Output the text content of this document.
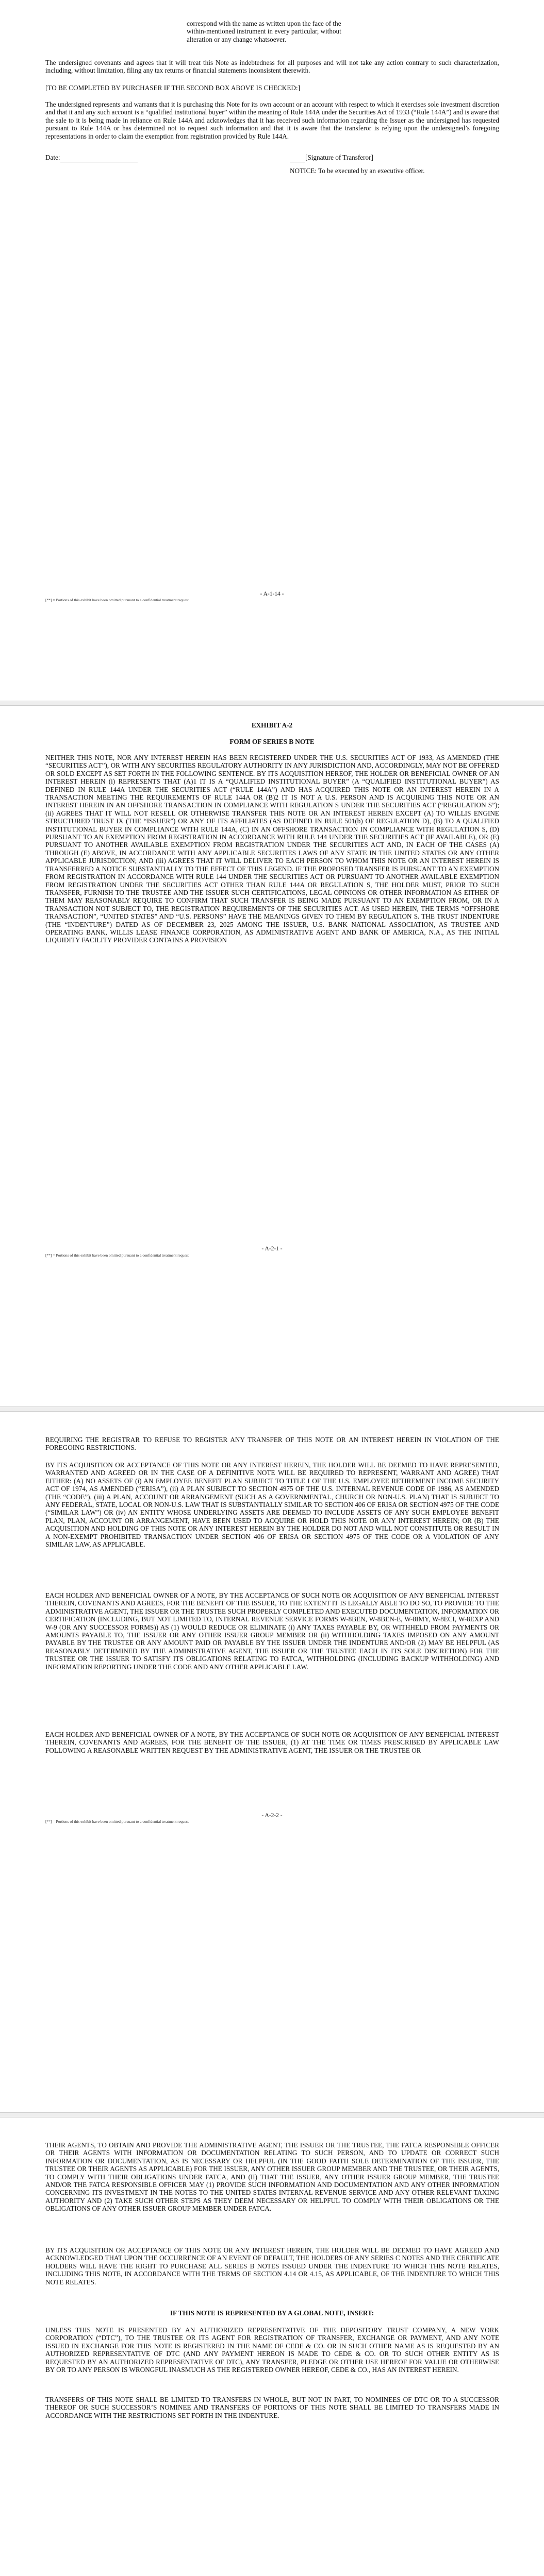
correspond with the name as written upon the face of the within-mentioned instrument in every particular, without alteration or any change whatsoever.

The undersigned covenants and agrees that it will treat this Note as indebtedness for all purposes and will not take any action contrary to such characterization, including, without limitation, filing any tax returns or financial statements inconsistent therewith.

[TO BE COMPLETED BY PURCHASER IF THE SECOND BOX ABOVE IS CHECKED:]

The undersigned represents and warrants that it is purchasing this Note for its own account or an account with respect to which it exercises sole investment discretion and that it and any such account is a “qualified institutional buyer” within the meaning of Rule 144A under the Securities Act of 1933 (“Rule 144A”) and is aware that the sale to it is being made in reliance on Rule 144A and acknowledges that it has received such information regarding the Issuer as the undersigned has requested pursuant to Rule 144A or has determined not to request such information and that it is aware that the transferor is relying upon the undersigned’s foregoing representations in order to claim the exemption from registration provided by Rule 144A.

Date:	[Signature of Transferor]

NOTICE: To be executed by an executive officer.

- A-1-14 -

[**] = Portions of this exhibit have been omitted pursuant to a confidential treatment request

EXHIBIT A-2

FORM OF SERIES B NOTE

NEITHER THIS NOTE, NOR ANY INTEREST HEREIN HAS BEEN REGISTERED UNDER THE U.S. SECURITIES ACT OF 1933, AS AMENDED (THE “SECURITIES ACT”), OR WITH ANY SECURITIES REGULATORY AUTHORITY IN ANY JURISDICTION AND, ACCORDINGLY, MAY NOT BE OFFERED OR SOLD EXCEPT AS SET FORTH IN THE FOLLOWING SENTENCE. BY ITS ACQUISITION HEREOF, THE HOLDER OR BENEFICIAL OWNER OF AN INTEREST HEREIN (i) REPRESENTS THAT (A)1 IT IS A “QUALIFIED INSTITUTIONAL BUYER” (A “QUALIFIED INSTITUTIONAL BUYER”) AS DEFINED IN RULE 144A UNDER THE SECURITIES ACT (“RULE 144A”) AND HAS ACQUIRED THIS NOTE OR AN INTEREST HEREIN IN A TRANSACTION MEETING THE REQUIREMENTS OF RULE 144A OR (B)2 IT IS NOT A U.S. PERSON AND IS ACQUIRING THIS NOTE OR AN INTEREST HEREIN IN AN OFFSHORE TRANSACTION IN COMPLIANCE WITH REGULATION S UNDER THE SECURITIES ACT (“REGULATION S”); (ii) AGREES THAT IT WILL NOT RESELL OR OTHERWISE TRANSFER THIS NOTE OR AN INTEREST HEREIN EXCEPT (A) TO WILLIS ENGINE STRUCTURED TRUST IX (THE “ISSUER”) OR ANY OF ITS AFFILIATES (AS DEFINED IN RULE 501(b) OF REGULATION D), (B) TO A QUALIFIED INSTITUTIONAL BUYER IN COMPLIANCE WITH RULE 144A, (C) IN AN OFFSHORE TRANSACTION IN COMPLIANCE WITH REGULATION S, (D) PURSUANT TO AN EXEMPTION FROM REGISTRATION IN ACCORDANCE WITH RULE 144 UNDER THE SECURITIES ACT (IF AVAILABLE), OR (E) PURSUANT TO ANOTHER AVAILABLE EXEMPTION FROM REGISTRATION UNDER THE SECURITIES ACT AND, IN EACH OF THE CASES (A) THROUGH (E) ABOVE, IN ACCORDANCE WITH ANY APPLICABLE SECURITIES LAWS OF ANY STATE IN THE UNITED STATES OR ANY OTHER APPLICABLE JURISDICTION; AND (iii) AGREES THAT IT WILL DELIVER TO EACH PERSON TO WHOM THIS NOTE OR AN INTEREST HEREIN IS TRANSFERRED A NOTICE SUBSTANTIALLY TO THE EFFECT OF THIS LEGEND. IF THE PROPOSED TRANSFER IS PURSUANT TO AN EXEMPTION FROM REGISTRATION IN ACCORDANCE WITH RULE 144 UNDER THE SECURITIES ACT OR PURSUANT TO ANOTHER AVAILABLE EXEMPTION FROM REGISTRATION UNDER THE SECURITIES ACT OTHER THAN RULE 144A OR REGULATION S, THE HOLDER MUST, PRIOR TO SUCH TRANSFER, FURNISH TO THE TRUSTEE AND THE ISSUER SUCH CERTIFICATIONS, LEGAL OPINIONS OR OTHER INFORMATION AS EITHER OF THEM MAY REASONABLY REQUIRE TO CONFIRM THAT SUCH TRANSFER IS BEING MADE PURSUANT TO AN EXEMPTION FROM, OR IN A TRANSACTION NOT SUBJECT TO, THE REGISTRATION REQUIREMENTS OF THE SECURITIES ACT. AS USED HEREIN, THE TERMS “OFFSHORE TRANSACTION”, “UNITED STATES” AND “U.S. PERSONS” HAVE THE MEANINGS GIVEN TO THEM BY REGULATION S. THE TRUST INDENTURE (THE “INDENTURE”) DATED AS OF DECEMBER 23, 2025 AMONG THE ISSUER, U.S. BANK NATIONAL ASSOCIATION, AS TRUSTEE AND OPERATING BANK, WILLIS LEASE FINANCE CORPORATION, AS ADMINISTRATIVE AGENT AND BANK OF AMERICA, N.A., AS THE INITIAL LIQUIDITY FACILITY PROVIDER CONTAINS A PROVISION

- A-2-1 -

[**] = Portions of this exhibit have been omitted pursuant to a confidential treatment request

REQUIRING THE REGISTRAR TO REFUSE TO REGISTER ANY TRANSFER OF THIS NOTE OR AN INTEREST HEREIN IN VIOLATION OF THE FOREGOING RESTRICTIONS.

BY ITS ACQUISITION OR ACCEPTANCE OF THIS NOTE OR ANY INTEREST HEREIN, THE HOLDER WILL BE DEEMED TO HAVE REPRESENTED, WARRANTED AND AGREED OR IN THE CASE OF A DEFINITIVE NOTE WILL BE REQUIRED TO REPRESENT, WARRANT AND AGREE) THAT EITHER: (A) NO ASSETS OF (i) AN EMPLOYEE BENEFIT PLAN SUBJECT TO TITLE I OF THE U.S. EMPLOYEE RETIREMENT INCOME SECURITY ACT OF 1974, AS AMENDED (“ERISA”), (ii) A PLAN SUBJECT TO SECTION 4975 OF THE U.S. INTERNAL REVENUE CODE OF 1986, AS AMENDED (THE “CODE”), (iii) A PLAN, ACCOUNT OR ARRANGEMENT (SUCH AS A GOVERNMENTAL, CHURCH OR NON-U.S. PLAN) THAT IS SUBJECT TO ANY FEDERAL, STATE, LOCAL OR NON-U.S. LAW THAT IS SUBSTANTIALLY SIMILAR TO SECTION 406 OF ERISA OR SECTION 4975 OF THE CODE (“SIMILAR LAW”) OR (iv) AN ENTITY WHOSE UNDERLYING ASSETS ARE DEEMED TO INCLUDE ASSETS OF ANY SUCH EMPLOYEE BENEFIT PLAN, PLAN, ACCOUNT OR ARRANGEMENT, HAVE BEEN USED TO ACQUIRE OR HOLD THIS NOTE OR ANY INTEREST HEREIN; OR (B) THE ACQUISITION AND HOLDING OF THIS NOTE OR ANY INTEREST HEREIN BY THE HOLDER DO NOT AND WILL NOT CONSTITUTE OR RESULT IN A NON-EXEMPT PROHIBITED TRANSACTION UNDER SECTION 406 OF ERISA OR SECTION 4975 OF THE CODE OR A VIOLATION OF ANY SIMILAR LAW, AS APPLICABLE.

EACH HOLDER AND BENEFICIAL OWNER OF A NOTE, BY THE ACCEPTANCE OF SUCH NOTE OR ACQUISITION OF ANY BENEFICIAL INTEREST THEREIN, COVENANTS AND AGREES, FOR THE BENEFIT OF THE ISSUER, TO THE EXTENT IT IS LEGALLY ABLE TO DO SO, TO PROVIDE TO THE ADMINISTRATIVE AGENT, THE ISSUER OR THE TRUSTEE SUCH PROPERLY COMPLETED AND EXECUTED DOCUMENTATION, INFORMATION OR CERTIFICATION (INCLUDING, BUT NOT LIMITED TO, INTERNAL REVENUE SERVICE FORMS W-8BEN, W-8BEN-E, W-8IMY, W-8ECI, W-8EXP AND W-9 (OR ANY SUCCESSOR FORMS)) AS (1) WOULD REDUCE OR ELIMINATE (i) ANY TAXES PAYABLE BY, OR WITHHELD FROM PAYMENTS OR AMOUNTS PAYABLE TO, THE ISSUER OR ANY OTHER ISSUER GROUP MEMBER OR (ii) WITHHOLDING TAXES IMPOSED ON ANY AMOUNT PAYABLE BY THE TRUSTEE OR ANY AMOUNT PAID OR PAYABLE BY THE ISSUER UNDER THE INDENTURE AND/OR (2) MAY BE HELPFUL (AS REASONABLY DETERMINED BY THE ADMINISTRATIVE AGENT, THE ISSUER OR THE TRUSTEE EACH IN ITS SOLE DISCRETION) FOR THE TRUSTEE OR THE ISSUER TO SATISFY ITS OBLIGATIONS RELATING TO FATCA, WITHHOLDING (INCLUDING BACKUP WITHHOLDING) AND INFORMATION REPORTING UNDER THE CODE AND ANY OTHER APPLICABLE LAW.

EACH HOLDER AND BENEFICIAL OWNER OF A NOTE, BY THE ACCEPTANCE OF SUCH NOTE OR ACQUISITION OF ANY BENEFICIAL INTEREST THEREIN, COVENANTS AND AGREES, FOR THE BENEFIT OF THE ISSUER, (1) AT THE TIME OR TIMES PRESCRIBED BY APPLICABLE LAW FOLLOWING A REASONABLE WRITTEN REQUEST BY THE ADMINISTRATIVE AGENT, THE ISSUER OR THE TRUSTEE OR

- A-2-2 -

[**] = Portions of this exhibit have been omitted pursuant to a confidential treatment request

THEIR AGENTS, TO OBTAIN AND PROVIDE THE ADMINISTRATIVE AGENT, THE ISSUER OR THE TRUSTEE, THE FATCA RESPONSIBLE OFFICER OR THEIR AGENTS WITH INFORMATION OR DOCUMENTATION RELATING TO SUCH PERSON, AND TO UPDATE OR CORRECT SUCH INFORMATION OR DOCUMENTATION, AS IS NECESSARY OR HELPFUL (IN THE GOOD FAITH SOLE DETERMINATION OF THE ISSUER, THE TRUSTEE OR THEIR AGENTS AS APPLICABLE) FOR THE ISSUER, ANY OTHER ISSUER GROUP MEMBER AND THE TRUSTEE, OR THEIR AGENTS, TO COMPLY WITH THEIR OBLIGATIONS UNDER FATCA, AND (II) THAT THE ISSUER, ANY OTHER ISSUER GROUP MEMBER, THE TRUSTEE AND/OR THE FATCA RESPONSIBLE OFFICER MAY (1) PROVIDE SUCH INFORMATION AND DOCUMENTATION AND ANY OTHER INFORMATION CONCERNING ITS INVESTMENT IN THE NOTES TO THE UNITED STATES INTERNAL REVENUE SERVICE AND ANY OTHER RELEVANT TAXING AUTHORITY AND (2) TAKE SUCH OTHER STEPS AS THEY DEEM NECESSARY OR HELPFUL TO COMPLY WITH THEIR OBLIGATIONS OR THE OBLIGATIONS OF ANY OTHER ISSUER GROUP MEMBER UNDER FATCA.

BY ITS ACQUISITION OR ACCEPTANCE OF THIS NOTE OR ANY INTEREST HEREIN, THE HOLDER WILL BE DEEMED TO HAVE AGREED AND ACKNOWLEDGED THAT UPON THE OCCURRENCE OF AN EVENT OF DEFAULT, THE HOLDERS OF ANY SERIES C NOTES AND THE CERTIFICATE HOLDERS WILL HAVE THE RIGHT TO PURCHASE ALL SERIES B NOTES ISSUED UNDER THE INDENTURE TO WHICH THIS NOTE RELATES, INCLUDING THIS NOTE, IN ACCORDANCE WITH THE TERMS OF SECTION 4.14 OR 4.15, AS APPLICABLE, OF THE INDENTURE TO WHICH THIS NOTE RELATES.

IF THIS NOTE IS REPRESENTED BY A GLOBAL NOTE, INSERT:

UNLESS THIS NOTE IS PRESENTED BY AN AUTHORIZED REPRESENTATIVE OF THE DEPOSITORY TRUST COMPANY, A NEW YORK CORPORATION (“DTC”), TO THE TRUSTEE OR ITS AGENT FOR REGISTRATION OF TRANSFER, EXCHANGE OR PAYMENT, AND ANY NOTE ISSUED IN EXCHANGE FOR THIS NOTE IS REGISTERED IN THE NAME OF CEDE & CO. OR IN SUCH OTHER NAME AS IS REQUESTED BY AN AUTHORIZED REPRESENTATIVE OF DTC (AND ANY PAYMENT HEREON IS MADE TO CEDE & CO. OR TO SUCH OTHER ENTITY AS IS REQUESTED BY AN AUTHORIZED REPRESENTATIVE OF DTC), ANY TRANSFER, PLEDGE OR OTHER USE HEREOF FOR VALUE OR OTHERWISE BY OR TO ANY PERSON IS WRONGFUL INASMUCH AS THE REGISTERED OWNER HEREOF, CEDE & CO., HAS AN INTEREST HEREIN.

TRANSFERS OF THIS NOTE SHALL BE LIMITED TO TRANSFERS IN WHOLE, BUT NOT IN PART, TO NOMINEES OF DTC OR TO A SUCCESSOR THEREOF OR SUCH SUCCESSOR’S NOMINEE AND TRANSFERS OF PORTIONS OF THIS NOTE SHALL BE LIMITED TO TRANSFERS MADE IN ACCORDANCE WITH THE RESTRICTIONS SET FORTH IN THE INDENTURE.
